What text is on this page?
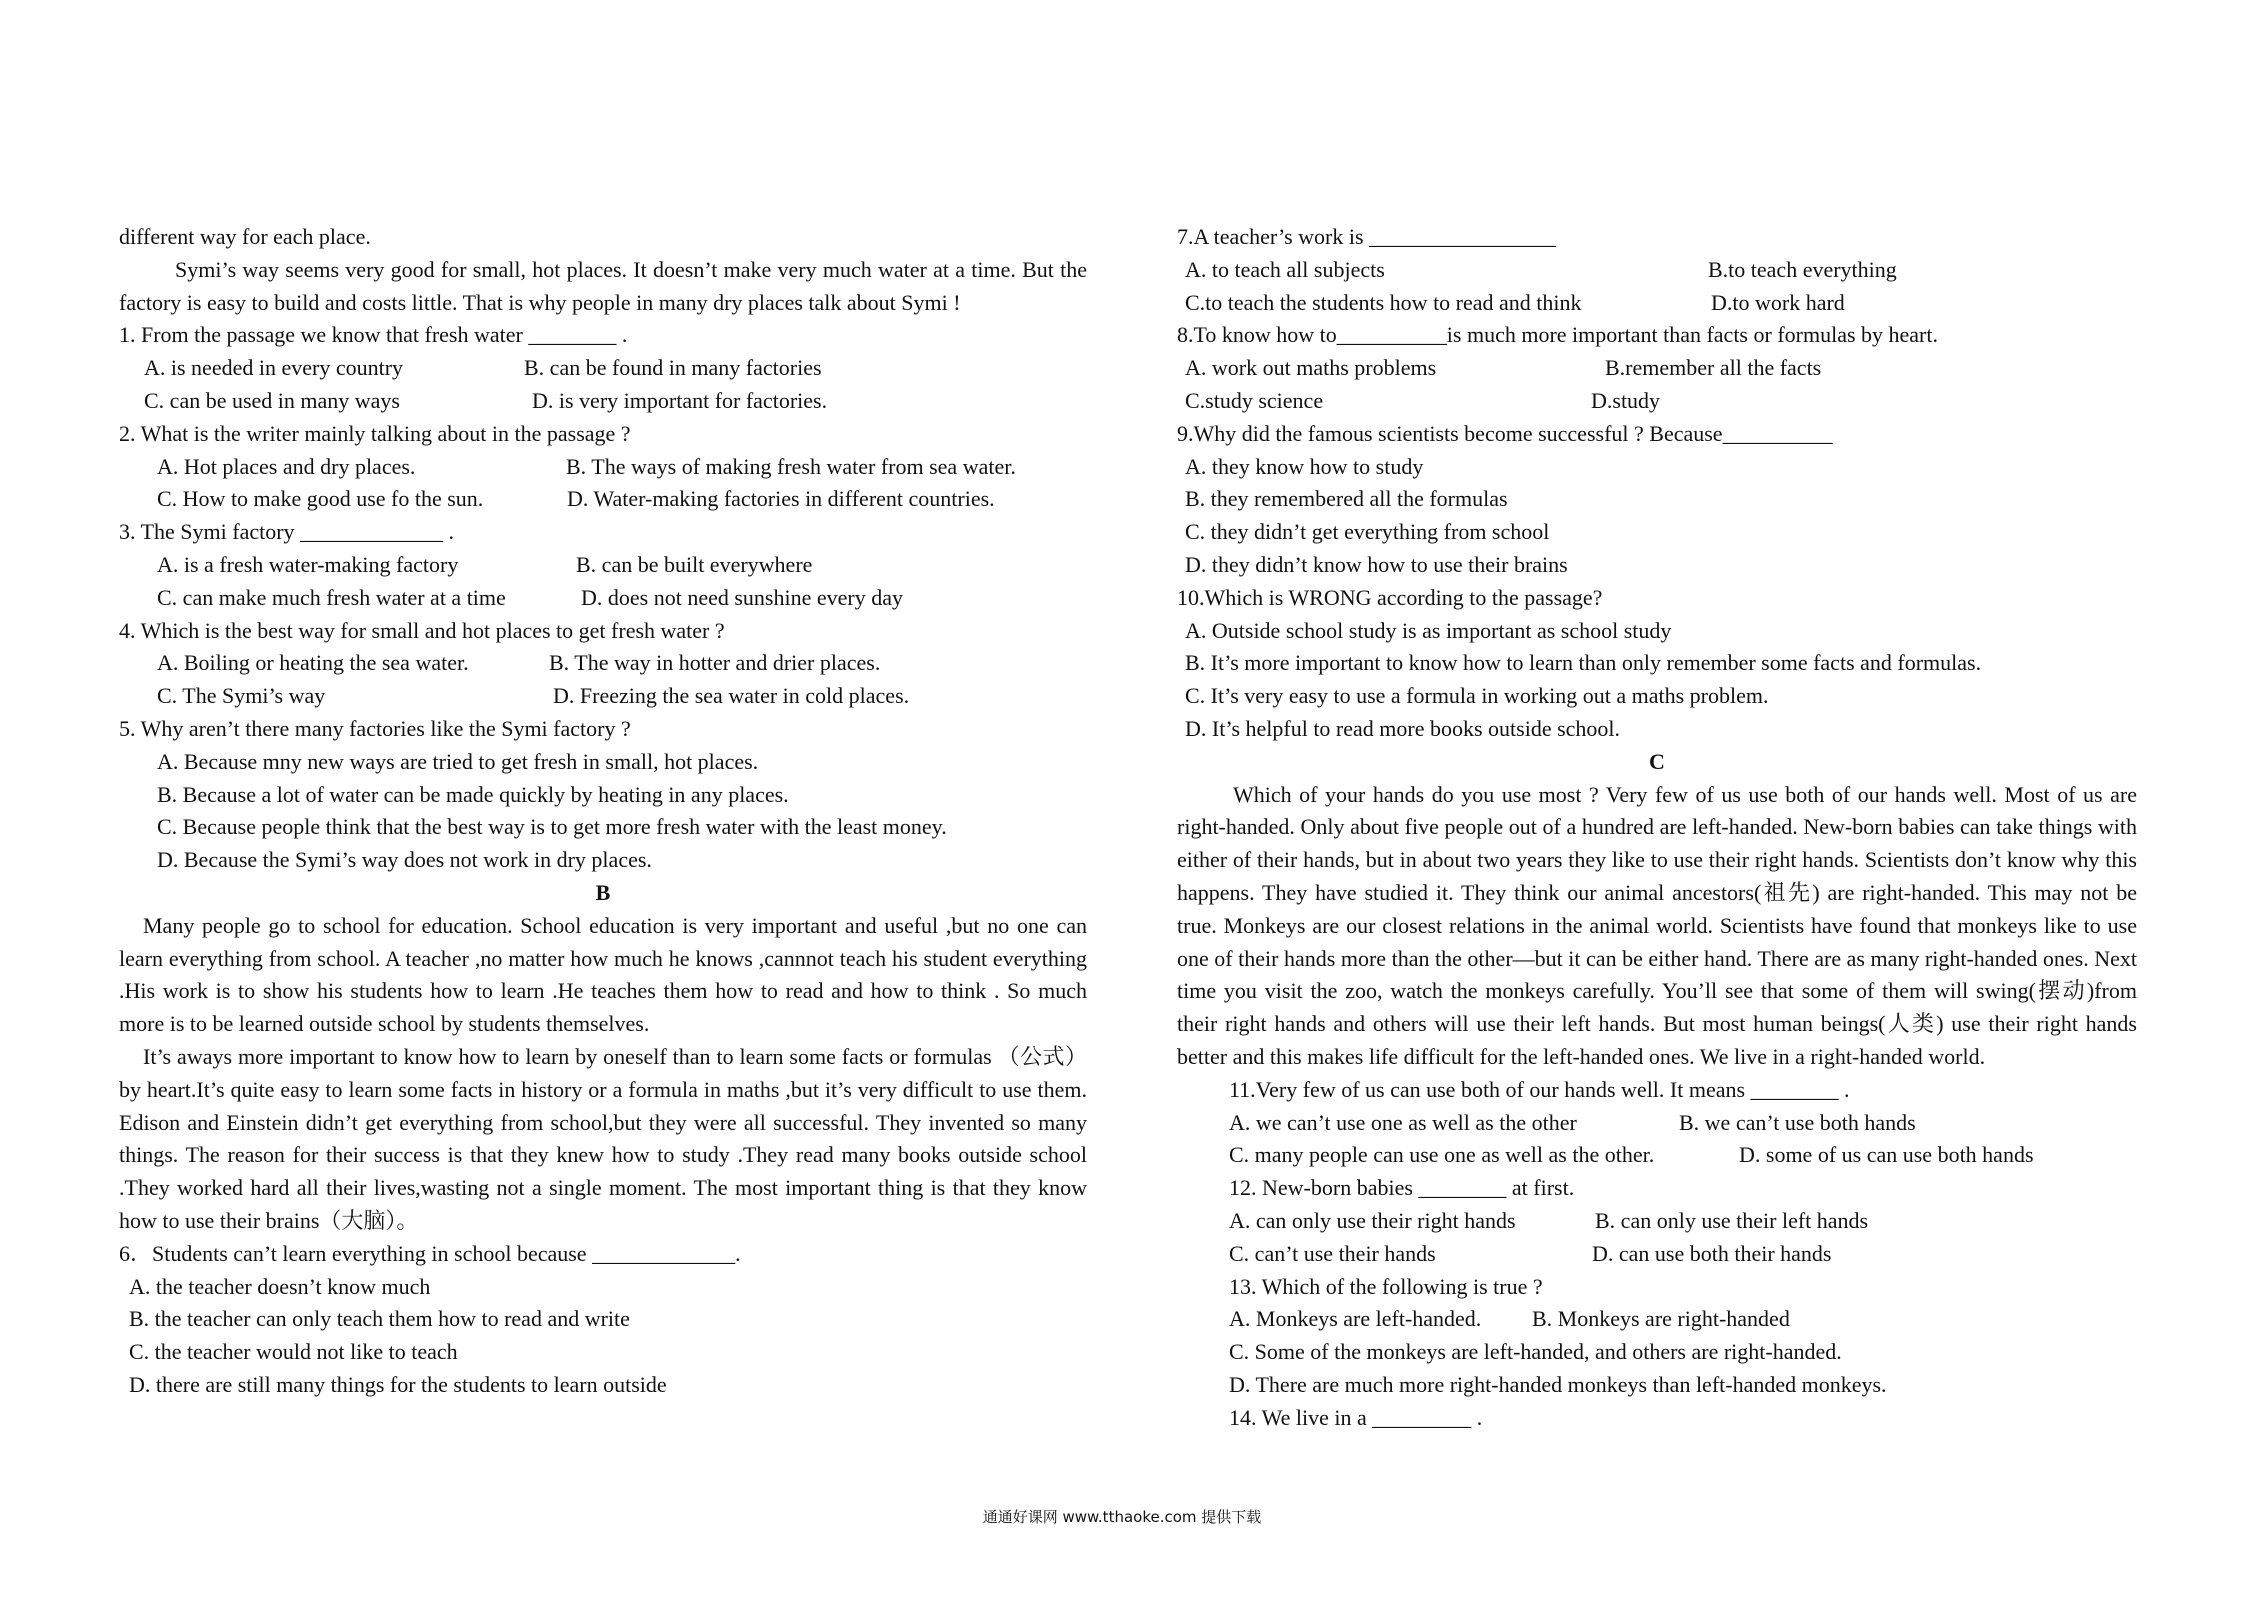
different way for each place.

Symi’s way seems very good for small, hot places. It doesn’t make very much water at a time. But the factory is easy to build and costs little. That is why people in many dry places talk about Symi !

1. From the passage we know that fresh water ________ .

A. is needed in every country	B. can be found in many factories
C. can be used in many ways	D. is very important for factories.

2. What is the writer mainly talking about in the passage ?

A. Hot places and dry places.	B. The ways of making fresh water from sea water.
C. How to make good use fo the sun.	D. Water-making factories in different countries.

3. The Symi factory _____________ .

A. is a fresh water-making factory	B. can be built everywhere
C. can make much fresh water at a time	D. does not need sunshine every day

4. Which is the best way for small and hot places to get fresh water ?

A. Boiling or heating the sea water.	B. The way in hotter and drier places.
C. The Symi’s way	D. Freezing the sea water in cold places.

5. Why aren’t there many factories like the Symi factory ?

A. Because mny new ways are tried to get fresh in small, hot places.

B. Because a lot of water can be made quickly by heating in any places.

C. Because people think that the best way is to get more fresh water with the least money.

D. Because the Symi’s way does not work in dry places.

B

Many people go to school for education. School education is very important and useful ,but no one can learn everything from school. A teacher ,no matter how much he knows ,cannnot teach his student everything .His work is to show his students how to learn .He teaches them how to read and how to think . So much more is to be learned outside school by students themselves.

It’s aways more important to know how to learn by oneself than to learn some facts or formulas （公式）by heart.It’s quite easy to learn some facts in history or a formula in maths ,but it’s very difficult to use them. Edison and Einstein didn’t get everything from school,but they were all successful. They invented so many things. The reason for their success is that they knew how to study .They read many books outside school .They worked hard all their lives,wasting not a single moment. The most important thing is that they know how to use their brains（大脑）。

6．Students can’t learn everything in school because _____________.

A. the teacher doesn’t know much

B. the teacher can only teach them how to read and write

C. the teacher would not like to teach

D. there are still many things for the students to learn outside

7.A teacher’s work is _________________

A. to teach all subjects	B.to teach everything
C.to teach the students how to read and think	D.to work hard

8.To know how to__________is much more important than facts or formulas by heart.

A. work out maths problems	B.remember all the facts
C.study science	D.study

9.Why did the famous scientists become successful ? Because__________

A. they know how to study

B. they remembered all the formulas

C. they didn’t get everything from school

D. they didn’t know how to use their brains

10.Which is WRONG according to the passage?

A. Outside school study is as important as school study

B. It’s more important to know how to learn than only remember some facts and formulas.

C. It’s very easy to use a formula in working out a maths problem.

D. It’s helpful to read more books outside school.

C

Which of your hands do you use most ? Very few of us use both of our hands well. Most of us are right-handed. Only about five people out of a hundred are left-handed. New-born babies can take things with either of their hands, but in about two years they like to use their right hands. Scientists don’t know why this happens. They have studied it. They think our animal ancestors(祖先) are right-handed. This may not be true. Monkeys are our closest relations in the animal world. Scientists have found that monkeys like to use one of their hands more than the other—but it can be either hand. There are as many right-handed ones. Next time you visit the zoo, watch the monkeys carefully. You’ll see that some of them will swing(摆动)from their right hands and others will use their left hands. But most human beings(人类) use their right hands better and this makes life difficult for the left-handed ones. We live in a right-handed world.

11.Very few of us can use both of our hands well. It means ________ .

A. we can’t use one as well as the other	B. we can’t use both hands
C. many people can use one as well as the other.	D. some of us can use both hands

12. New-born babies ________ at first.

A. can only use their right hands	B. can only use their left hands
C. can’t use their hands	D. can use both their hands

13. Which of the following is true ?

A. Monkeys are left-handed.	B. Monkeys are right-handed

C. Some of the monkeys are left-handed, and others are right-handed.

D. There are much more right-handed monkeys than left-handed monkeys.

14. We live in a _________ .

通通好课网 www.tthaoke.com 提供下载
